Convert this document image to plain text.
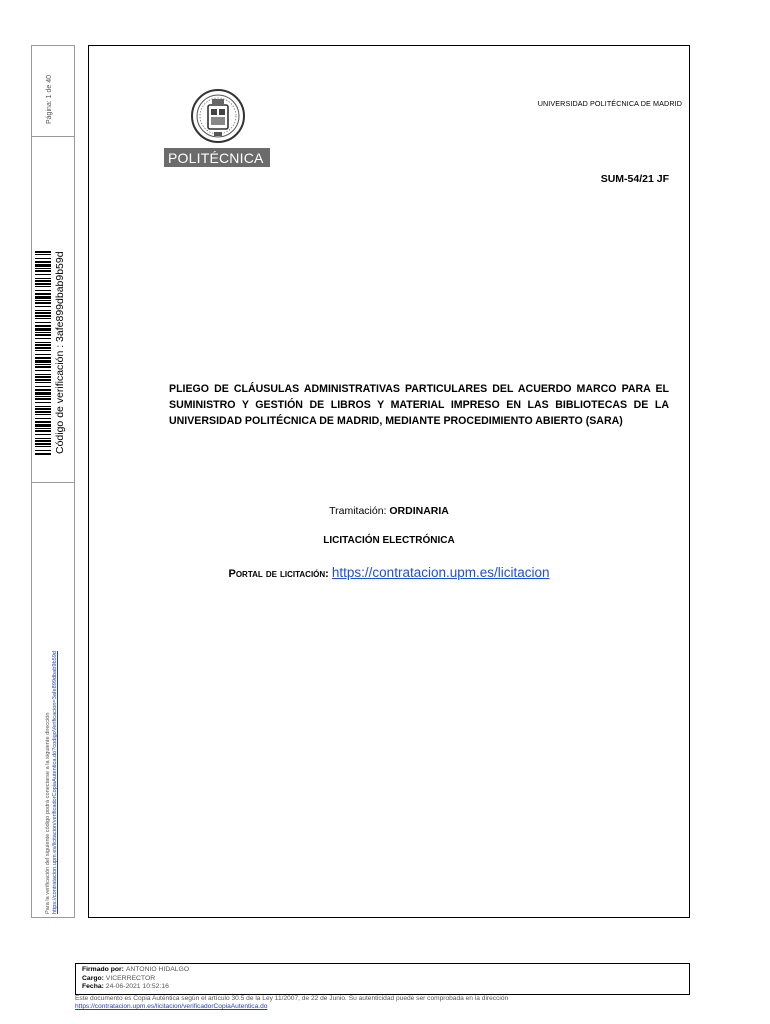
Página: 1 de 40
Código de verificación : 3afe899dbab9b59d
Para la verificación del siguiente código podrá conectarse a la siguiente dirección https://contratacion.upm.es/licitacion/verificadorCopiaAutentica.do?codigoVerificacion=3afe899dbab9b59d
POLITÉCNICA
UNIVERSIDAD POLITÉCNICA DE MADRID
SUM-54/21 JF
PLIEGO DE CLÁUSULAS ADMINISTRATIVAS PARTICULARES DEL ACUERDO MARCO PARA EL SUMINISTRO Y GESTIÓN DE LIBROS Y MATERIAL IMPRESO EN LAS BIBLIOTECAS DE LA UNIVERSIDAD POLITÉCNICA DE MADRID, MEDIANTE PROCEDIMIENTO ABIERTO (SARA)
Tramitación: ORDINARIA
LICITACIÓN ELECTRÓNICA
Portal de licitación: https://contratacion.upm.es/licitacion
Firmado por: ANTONIO HIDALGO
Cargo: VICERRECTOR
Fecha: 24-06-2021 10:52:16
Este documento es Copia Auténtica según el artículo 30.5 de la Ley 11/2007, de 22 de Junio. Su autenticidad puede ser comprobada en la dirección
https://contratacion.upm.es/licitacion/verificadorCopiaAutentica.do
